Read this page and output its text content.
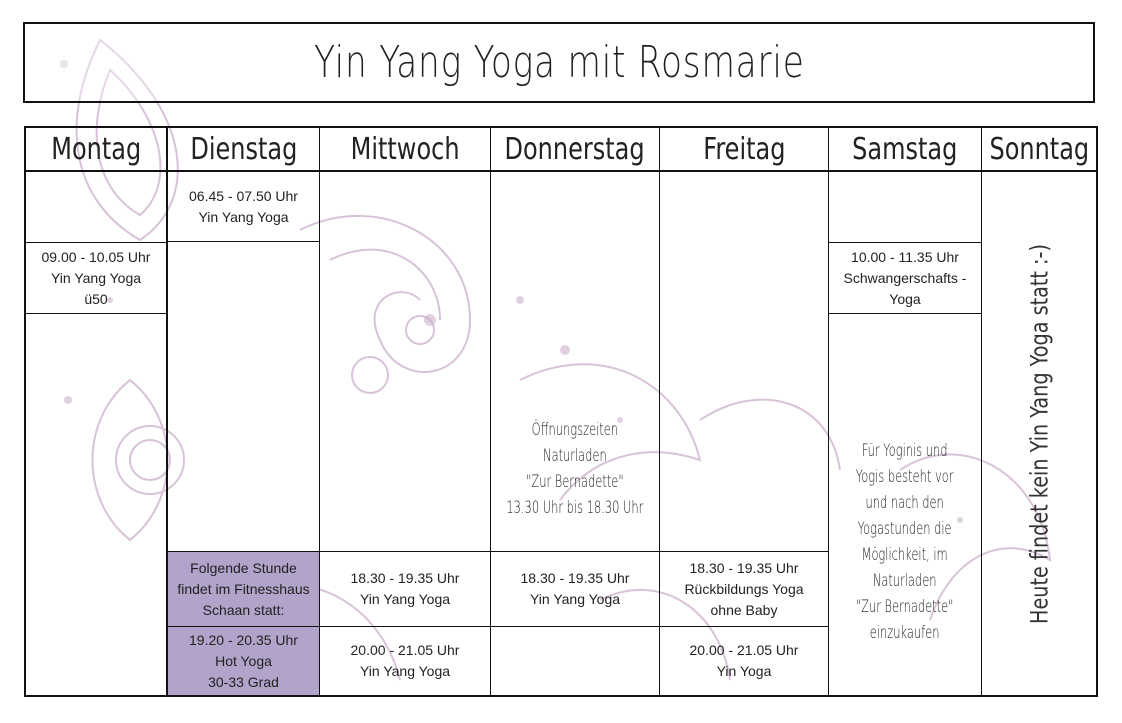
Yin Yang Yoga mit Rosmarie
Montag Dienstag Mittwoch Donnerstag Freitag Samstag Sonntag
09.00 - 10.05 Uhr
Yin Yang Yoga
ü50
06.45 - 07.50 Uhr
Yin Yang Yoga
Folgende Stunde
findet im Fitnesshaus
Schaan statt:
19.20 - 20.35 Uhr
Hot Yoga
30-33 Grad
18.30 - 19.35 Uhr
Yin Yang Yoga
20.00 - 21.05 Uhr
Yin Yang Yoga
Öffnungszeiten
Naturladen
"Zur Bernadette"
13.30 Uhr bis 18.30 Uhr
18.30 - 19.35 Uhr
Yin Yang Yoga
18.30 - 19.35 Uhr
Rückbildungs Yoga
ohne Baby
20.00 - 21.05 Uhr
Yin Yoga
10.00 - 11.35 Uhr
Schwangerschafts -
Yoga
Für Yoginis und
Yogis besteht vor
und nach den
Yogastunden die
Möglichkeit, im
Naturladen
"Zur Bernadette"
einzukaufen
Heute findet kein Yin Yang Yoga statt :-)
